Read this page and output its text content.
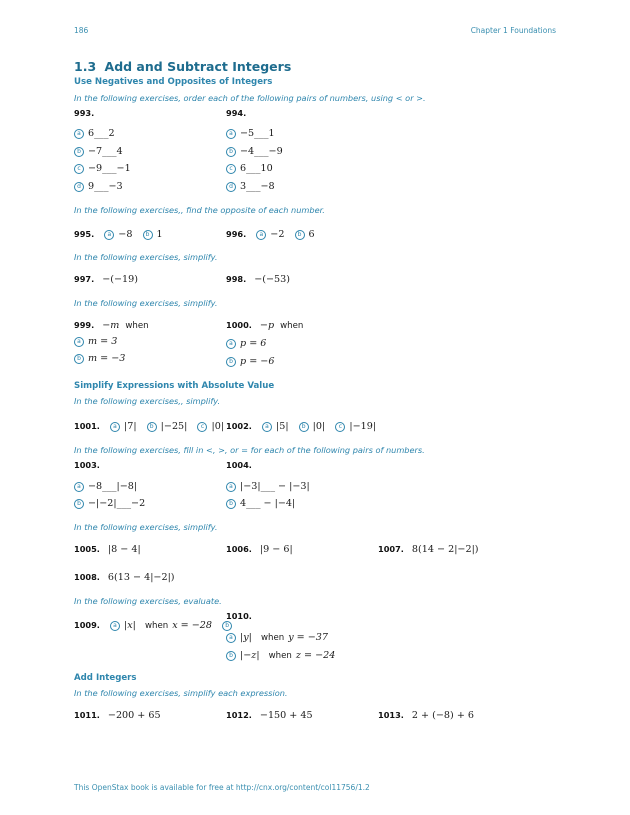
186	Chapter 1 Foundations
1.3 Add and Subtract Integers
Use Negatives and Opposites of Integers
In the following exercises, order each of the following pairs of numbers, using < or >.
993.
a 6___2
b −7___4
c −9___−1
d 9___−3
994.
a −5___1
b −4___−9
c 6___10
d 3___−8
In the following exercises,, find the opposite of each number.
995. a −8 b 1	996. a −2 b 6
In the following exercises, simplify.
997. −(−19)	998. −(−53)
In the following exercises, simplify.
999. −m when
a m = 3
b m = −3
1000. −p when
a p = 6
b p = −6
Simplify Expressions with Absolute Value
In the following exercises,, simplify.
1001. a |7| b |−25| c |0| 1002. a |5| b |0| c |−19|
In the following exercises, fill in <, >, or = for each of the following pairs of numbers.
1003.
a −8___|−8|
b −|−2|___−2
1004.
a |−3|___ − |−3|
b 4___ − |−4|
In the following exercises, simplify.
1005. |8 − 4|	1006. |9 − 6|	1007. 8(14 − 2|−2|)
1008. 6(13 − 4|−2|)
In the following exercises, evaluate.
1009. a |x| when x = −28 b
1010.
a |y| when y = −37
b |−z| when z = −24
Add Integers
In the following exercises, simplify each expression.
1011. −200 + 65	1012. −150 + 45	1013. 2 + (−8) + 6
This OpenStax book is available for free at http://cnx.org/content/col11756/1.2
